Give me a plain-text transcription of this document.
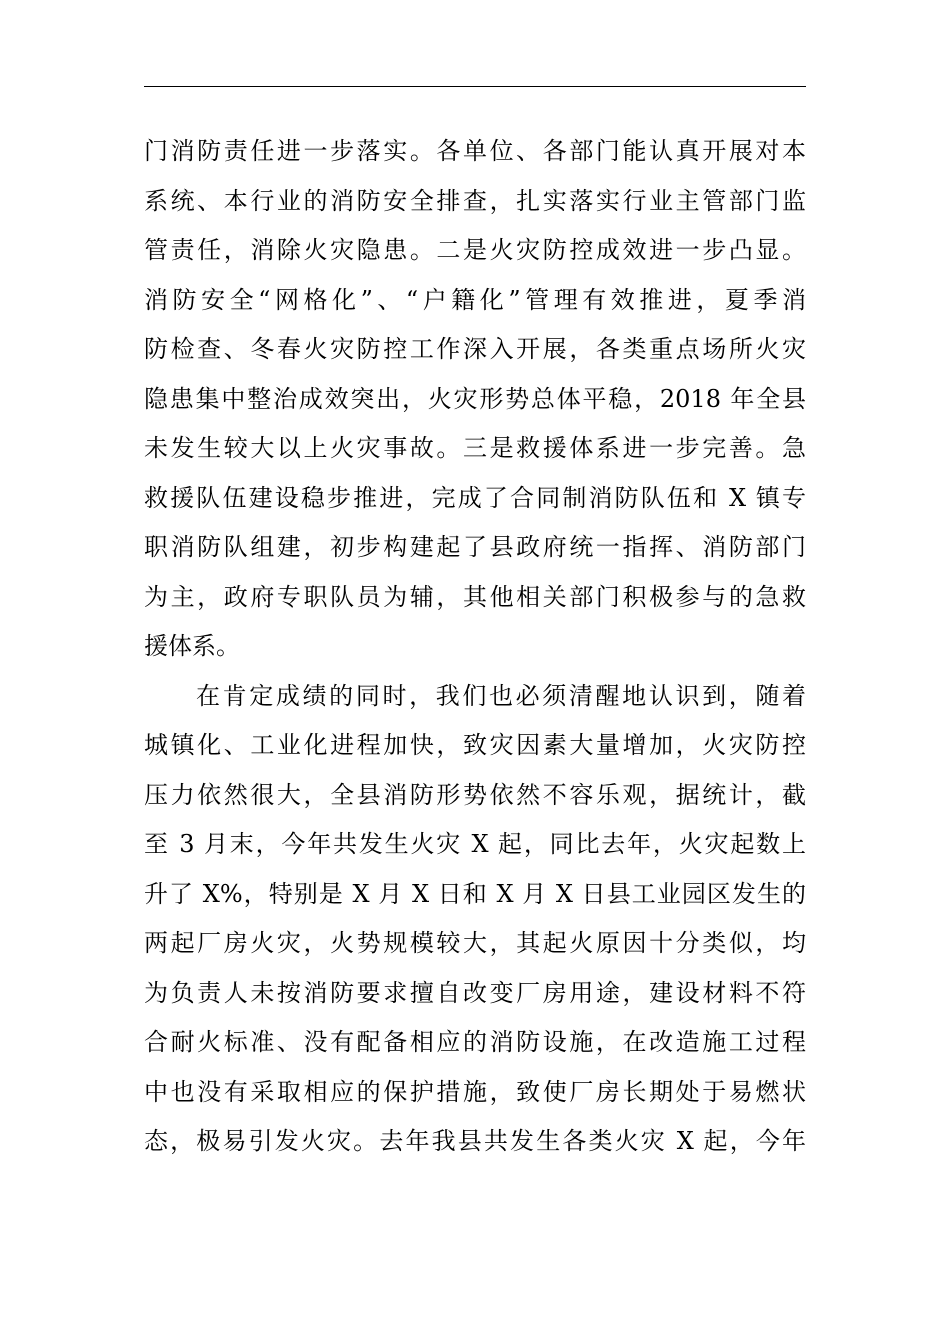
门消防责任进一步落实。各单位、各部门能认真开展对本
系统、本行业的消防安全排查，扎实落实行业主管部门监
管责任，消除火灾隐患。二是火灾防控成效进一步凸显。
消防安全“网格化”、“户籍化”管理有效推进，夏季消
防检查、冬春火灾防控工作深入开展，各类重点场所火灾
隐患集中整治成效突出，火灾形势总体平稳，2018 年全县
未发生较大以上火灾事故。三是救援体系进一步完善。急
救援队伍建设稳步推进，完成了合同制消防队伍和 X 镇专
职消防队组建，初步构建起了县政府统一指挥、消防部门
为主，政府专职队员为辅，其他相关部门积极参与的急救
援体系。
在肯定成绩的同时，我们也必须清醒地认识到，随着
城镇化、工业化进程加快，致灾因素大量增加，火灾防控
压力依然很大，全县消防形势依然不容乐观，据统计，截
至 3 月末，今年共发生火灾 X 起，同比去年，火灾起数上
升了 X%，特别是 X 月 X 日和 X 月 X 日县工业园区发生的
两起厂房火灾，火势规模较大，其起火原因十分类似，均
为负责人未按消防要求擅自改变厂房用途，建设材料不符
合耐火标准、没有配备相应的消防设施，在改造施工过程
中也没有采取相应的保护措施，致使厂房长期处于易燃状
态，极易引发火灾。去年我县共发生各类火灾 X 起，今年
